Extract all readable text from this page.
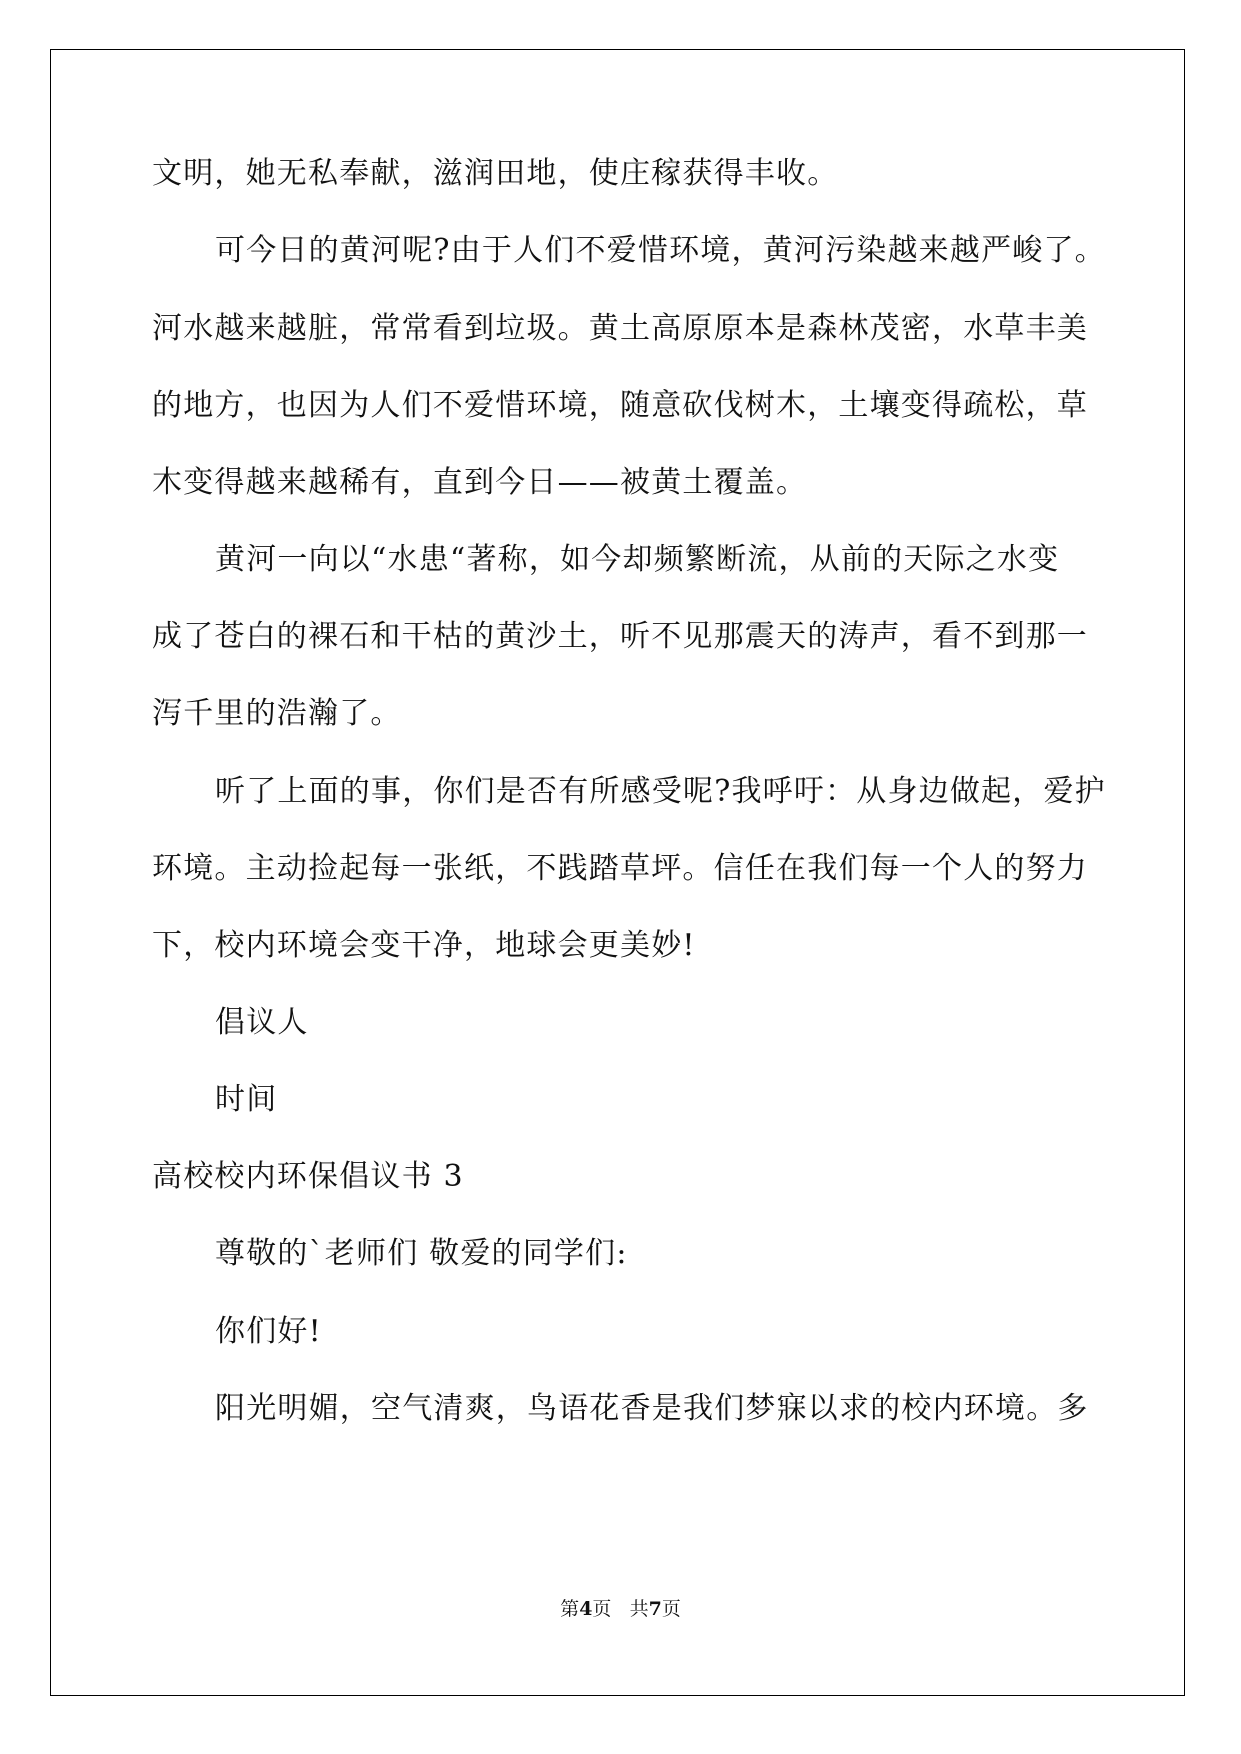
文明，她无私奉献，滋润田地，使庄稼获得丰收。

可今日的黄河呢?由于人们不爱惜环境，黄河污染越来越严峻了。

河水越来越脏，常常看到垃圾。黄土高原原本是森林茂密，水草丰美

的地方，也因为人们不爱惜环境，随意砍伐树木，土壤变得疏松，草

木变得越来越稀有，直到今日——被黄土覆盖。

黄河一向以“水患“著称，如今却频繁断流，从前的天际之水变

成了苍白的裸石和干枯的黄沙土，听不见那震天的涛声，看不到那一

泻千里的浩瀚了。

听了上面的事，你们是否有所感受呢?我呼吁：从身边做起，爱护

环境。主动捡起每一张纸，不践踏草坪。信任在我们每一个人的努力

下，校内环境会变干净，地球会更美妙!

倡议人

时间

高校校内环保倡议书 3

尊敬的`老师们 敬爱的同学们:

你们好!

阳光明媚，空气清爽，鸟语花香是我们梦寐以求的校内环境。多

第4页 共7页
